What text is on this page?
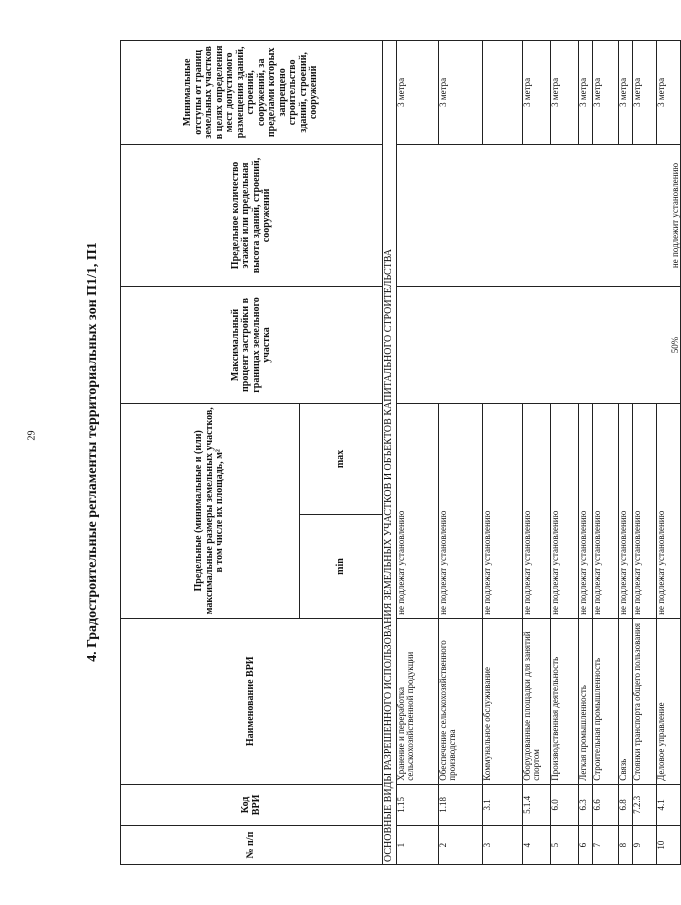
29	4. Градостроительные регламенты территориальных зон П1/1, П1
№ п/п	Код ВРИ	Наименование ВРИ	Предельные (минимальные и (или) максимальные размеры земельных участков, в том числе их площадь, м²		Максимальный процент застройки в границах земельного участка	Предельное количество этажей или предельная высота зданий, строений, сооружений	Минимальные отступы от границ земельных участков в целях определения мест допустимого размещения зданий, строений, сооружений, за пределами которых запрещено строительство зданий, строений, сооружений
			min	max			
ОСНОВНЫЕ ВИДЫ РАЗРЕШЕННОГО ИСПОЛЬЗОВАНИЯ ЗЕМЕЛЬНЫХ УЧАСТКОВ И ОБЪЕКТОВ КАПИТАЛЬНОГО СТРОИТЕЛЬСТВА							
1	1.15	Хранение и переработка сельскохозяйственной продукции	не подлежат установлению		50%	не подлежит установлению	3 метра
2	1.18	Обеспечение сельскохозяйственного производства	не подлежат установлению				3 метра
3	3.1	Коммунальное обслуживание	не подлежат установлению				
4	5.1.4	Оборудованные площадки для занятий спортом	не подлежат установлению				3 метра
5	6.0	Производственная деятельность	не подлежат установлению				3 метра
6	6.3	Легкая промышленность	не подлежат установлению				3 метра
7	6.6	Строительная промышленность	не подлежат установлению				3 метра
8	6.8	Связь	не подлежат установлению				3 метра
9	7.2.3	Стоянки транспорта общего пользования	не подлежат установлению				3 метра
10	4.1	Деловое управление	не подлежат установлению				3 метра
